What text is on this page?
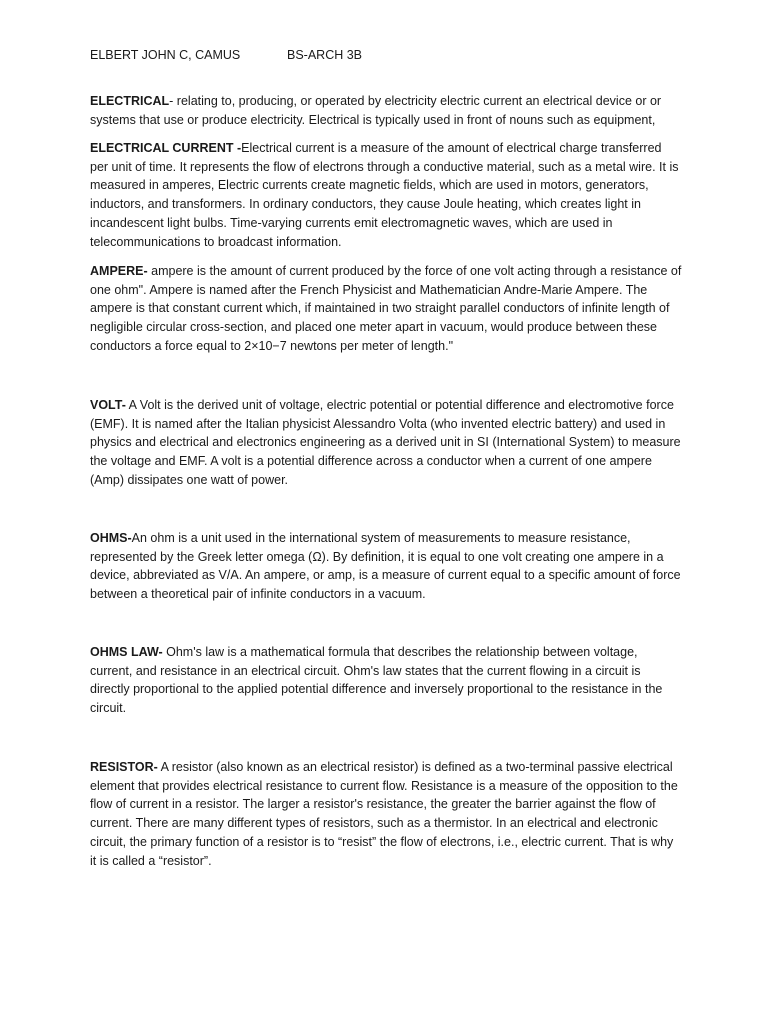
ELBERT JOHN C, CAMUS	BS-ARCH 3B

ELECTRICAL- relating to, producing, or operated by electricity electric current an electrical device or or systems that use or produce electricity. Electrical is typically used in front of nouns such as equipment,

ELECTRICAL CURRENT -Electrical current is a measure of the amount of electrical charge transferred per unit of time. It represents the flow of electrons through a conductive material, such as a metal wire. It is measured in amperes, Electric currents create magnetic fields, which are used in motors, generators, inductors, and transformers. In ordinary conductors, they cause Joule heating, which creates light in incandescent light bulbs. Time-varying currents emit electromagnetic waves, which are used in telecommunications to broadcast information.

AMPERE- ampere is the amount of current produced by the force of one volt acting through a resistance of one ohm". Ampere is named after the French Physicist and Mathematician Andre-Marie Ampere. The ampere is that constant current which, if maintained in two straight parallel conductors of infinite length of negligible circular cross-section, and placed one meter apart in vacuum, would produce between these conductors a force equal to 2×10−7 newtons per meter of length."

VOLT- A Volt is the derived unit of voltage, electric potential or potential difference and electromotive force (EMF). It is named after the Italian physicist Alessandro Volta (who invented electric battery) and used in physics and electrical and electronics engineering as a derived unit in SI (International System) to measure the voltage and EMF. A volt is a potential difference across a conductor when a current of one ampere (Amp) dissipates one watt of power.

OHMS-An ohm is a unit used in the international system of measurements to measure resistance, represented by the Greek letter omega (Ω). By definition, it is equal to one volt creating one ampere in a device, abbreviated as V/A. An ampere, or amp, is a measure of current equal to a specific amount of force between a theoretical pair of infinite conductors in a vacuum.

OHMS LAW- Ohm's law is a mathematical formula that describes the relationship between voltage, current, and resistance in an electrical circuit. Ohm's law states that the current flowing in a circuit is directly proportional to the applied potential difference and inversely proportional to the resistance in the circuit.

RESISTOR- A resistor (also known as an electrical resistor) is defined as a two-terminal passive electrical element that provides electrical resistance to current flow. Resistance is a measure of the opposition to the flow of current in a resistor. The larger a resistor's resistance, the greater the barrier against the flow of current. There are many different types of resistors, such as a thermistor. In an electrical and electronic circuit, the primary function of a resistor is to “resist” the flow of electrons, i.e., electric current. That is why it is called a “resistor”.
